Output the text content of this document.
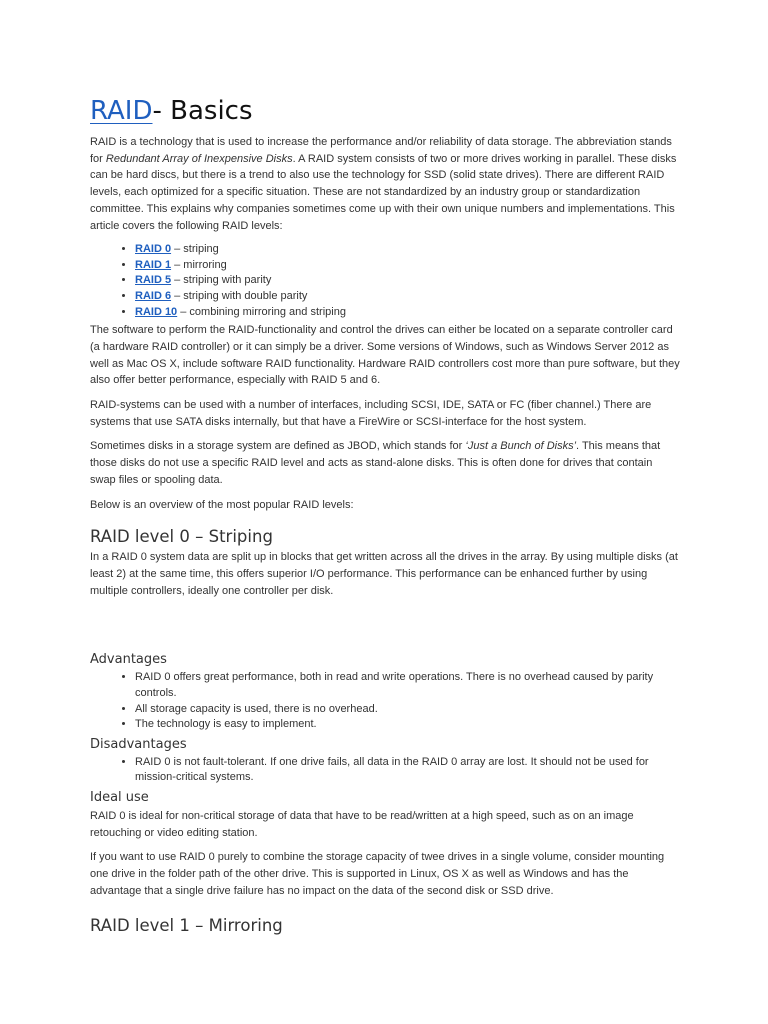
RAID- Basics

RAID is a technology that is used to increase the performance and/or reliability of data storage. The abbreviation stands for Redundant Array of Inexpensive Disks. A RAID system consists of two or more drives working in parallel. These disks can be hard discs, but there is a trend to also use the technology for SSD (solid state drives). There are different RAID levels, each optimized for a specific situation. These are not standardized by an industry group or standardization committee. This explains why companies sometimes come up with their own unique numbers and implementations. This article covers the following RAID levels:

• RAID 0 – striping
• RAID 1 – mirroring
• RAID 5 – striping with parity
• RAID 6 – striping with double parity
• RAID 10 – combining mirroring and striping

The software to perform the RAID-functionality and control the drives can either be located on a separate controller card (a hardware RAID controller) or it can simply be a driver. Some versions of Windows, such as Windows Server 2012 as well as Mac OS X, include software RAID functionality. Hardware RAID controllers cost more than pure software, but they also offer better performance, especially with RAID 5 and 6.

RAID-systems can be used with a number of interfaces, including SCSI, IDE, SATA or FC (fiber channel.) There are systems that use SATA disks internally, but that have a FireWire or SCSI-interface for the host system.

Sometimes disks in a storage system are defined as JBOD, which stands for ‘Just a Bunch of Disks’. This means that those disks do not use a specific RAID level and acts as stand-alone disks. This is often done for drives that contain swap files or spooling data.

Below is an overview of the most popular RAID levels:

RAID level 0 – Striping

In a RAID 0 system data are split up in blocks that get written across all the drives in the array. By using multiple disks (at least 2) at the same time, this offers superior I/O performance. This performance can be enhanced further by using multiple controllers, ideally one controller per disk.

Advantages
• RAID 0 offers great performance, both in read and write operations. There is no overhead caused by parity controls.
• All storage capacity is used, there is no overhead.
• The technology is easy to implement.
Disadvantages
• RAID 0 is not fault-tolerant. If one drive fails, all data in the RAID 0 array are lost. It should not be used for mission-critical systems.
Ideal use

RAID 0 is ideal for non-critical storage of data that have to be read/written at a high speed, such as on an image retouching or video editing station.

If you want to use RAID 0 purely to combine the storage capacity of twee drives in a single volume, consider mounting one drive in the folder path of the other drive. This is supported in Linux, OS X as well as Windows and has the advantage that a single drive failure has no impact on the data of the second disk or SSD drive.

RAID level 1 – Mirroring
